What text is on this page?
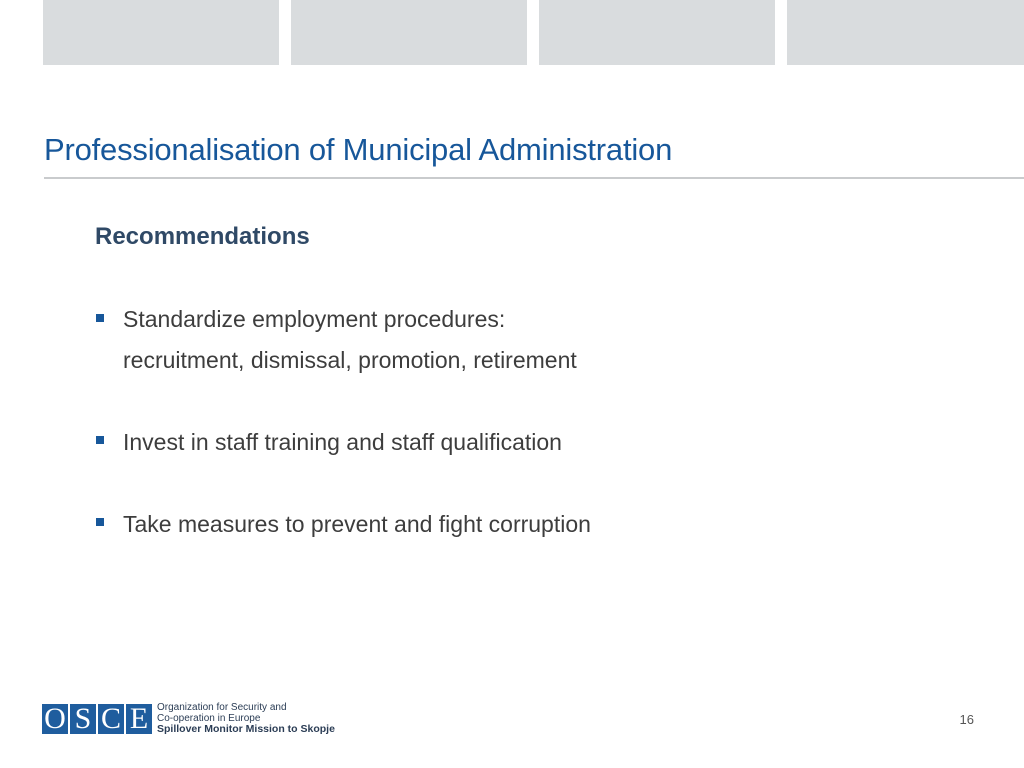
Professionalisation of Municipal Administration
Recommendations
Standardize employment procedures:
recruitment, dismissal, promotion, retirement
Invest in staff training and staff qualification
Take measures to prevent and fight corruption
O S C E Organization for Security and
Co-operation in Europe
Spillover Monitor Mission to Skopje
16
